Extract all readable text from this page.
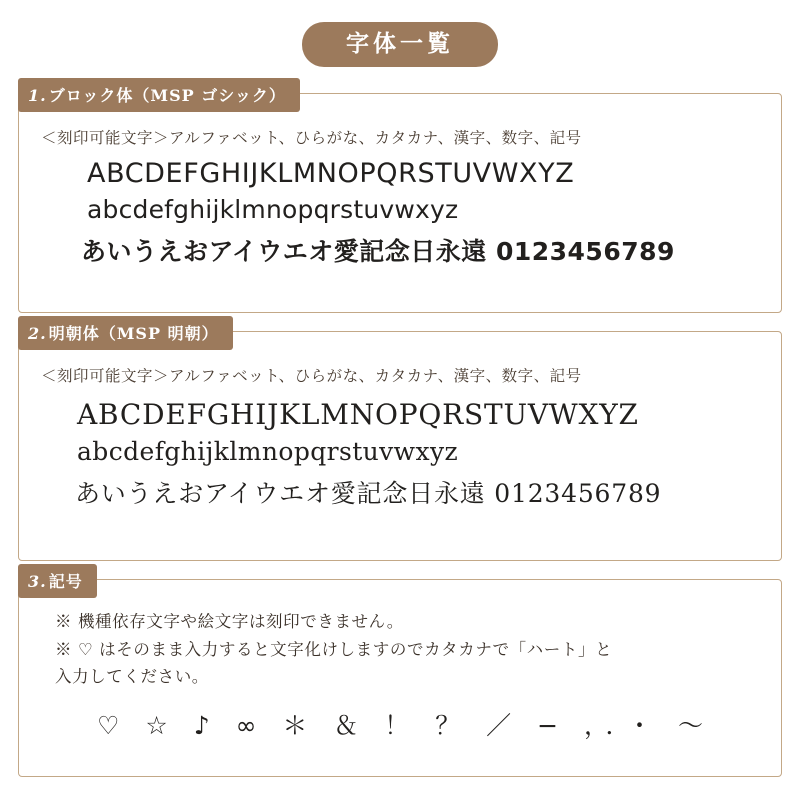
字体一覧
1. ブロック体（MSP ゴシック）

＜刻印可能文字＞アルファベット、ひらがな、カタカナ、漢字、数字、記号

ABCDEFGHIJKLMNOPQRSTUVWXYZ

abcdefghijklmnopqrstuvwxyz

あいうえおアイウエオ愛記念日永遠 0123456789

2. 明朝体（MSP 明朝）

＜刻印可能文字＞アルファベット、ひらがな、カタカナ、漢字、数字、記号

ABCDEFGHIJKLMNOPQRSTUVWXYZ

abcdefghijklmnopqrstuvwxyz

あいうえおアイウエオ愛記念日永遠 0123456789

3. 記号

※ 機種依存文字や絵文字は刻印できません。

※ ♡ はそのまま入力すると文字化けしますのでカタカナで「ハート」と

入力してください。

♡ ☆ ♪ ∞ ＊ ＆ ！ ？ ／ − ，．・ 〜
